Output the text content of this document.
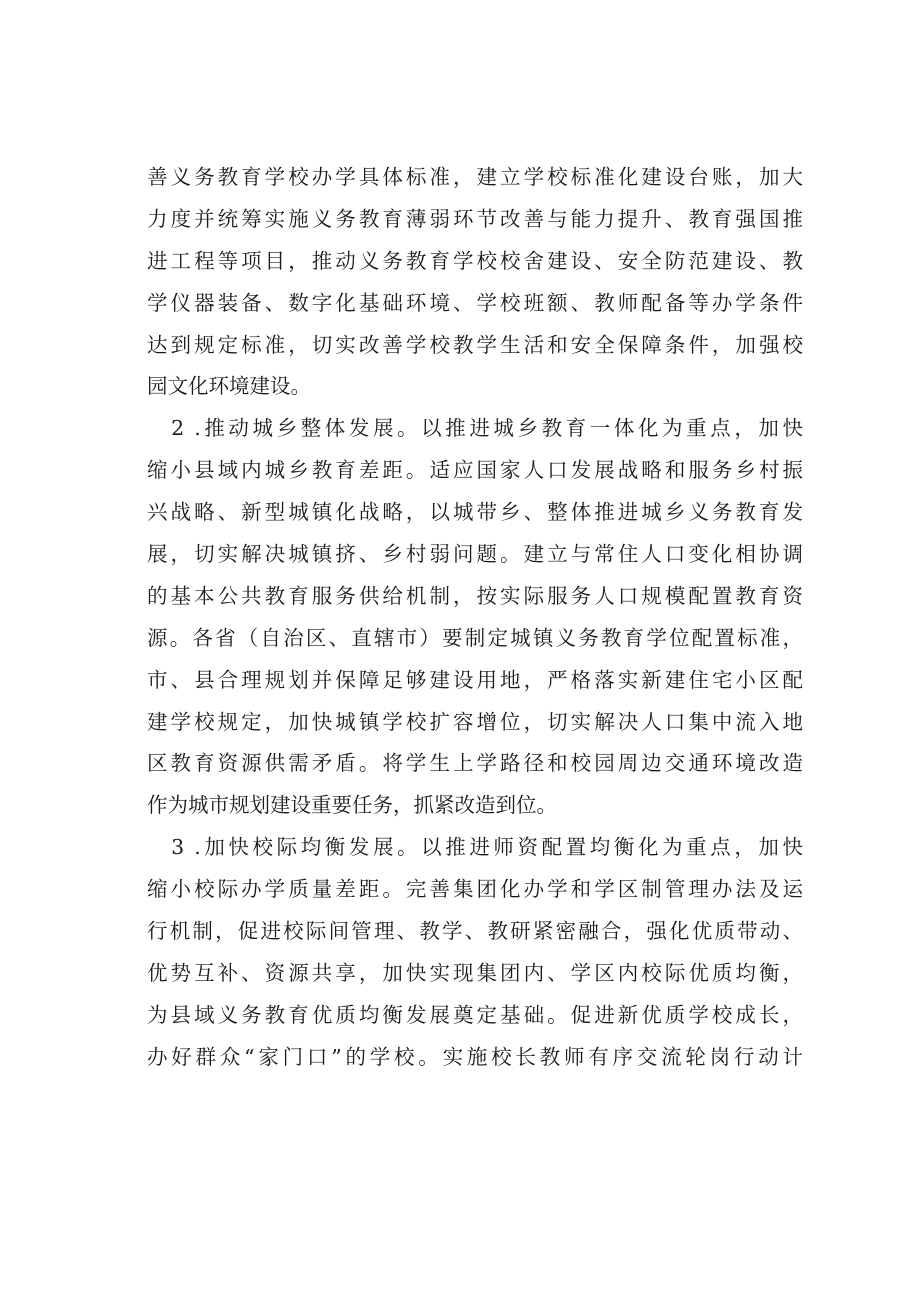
善义务教育学校办学具体标准，建立学校标准化建设台账，加大
力度并统筹实施义务教育薄弱环节改善与能力提升、教育强国推
进工程等项目，推动义务教育学校校舍建设、安全防范建设、教
学仪器装备、数字化基础环境、学校班额、教师配备等办学条件
达到规定标准，切实改善学校教学生活和安全保障条件，加强校
园文化环境建设。
　2 .推动城乡整体发展。以推进城乡教育一体化为重点，加快
缩小县域内城乡教育差距。适应国家人口发展战略和服务乡村振
兴战略、新型城镇化战略，以城带乡、整体推进城乡义务教育发
展，切实解决城镇挤、乡村弱问题。建立与常住人口变化相协调
的基本公共教育服务供给机制，按实际服务人口规模配置教育资
源。各省（自治区、直辖市）要制定城镇义务教育学位配置标准，
市、县合理规划并保障足够建设用地，严格落实新建住宅小区配
建学校规定，加快城镇学校扩容增位，切实解决人口集中流入地
区教育资源供需矛盾。将学生上学路径和校园周边交通环境改造
作为城市规划建设重要任务，抓紧改造到位。
　3 .加快校际均衡发展。以推进师资配置均衡化为重点，加快
缩小校际办学质量差距。完善集团化办学和学区制管理办法及运
行机制，促进校际间管理、教学、教研紧密融合，强化优质带动、
优势互补、资源共享，加快实现集团内、学区内校际优质均衡，
为县域义务教育优质均衡发展奠定基础。促进新优质学校成长，
办好群众“家门口”的学校。实施校长教师有序交流轮岗行动计
